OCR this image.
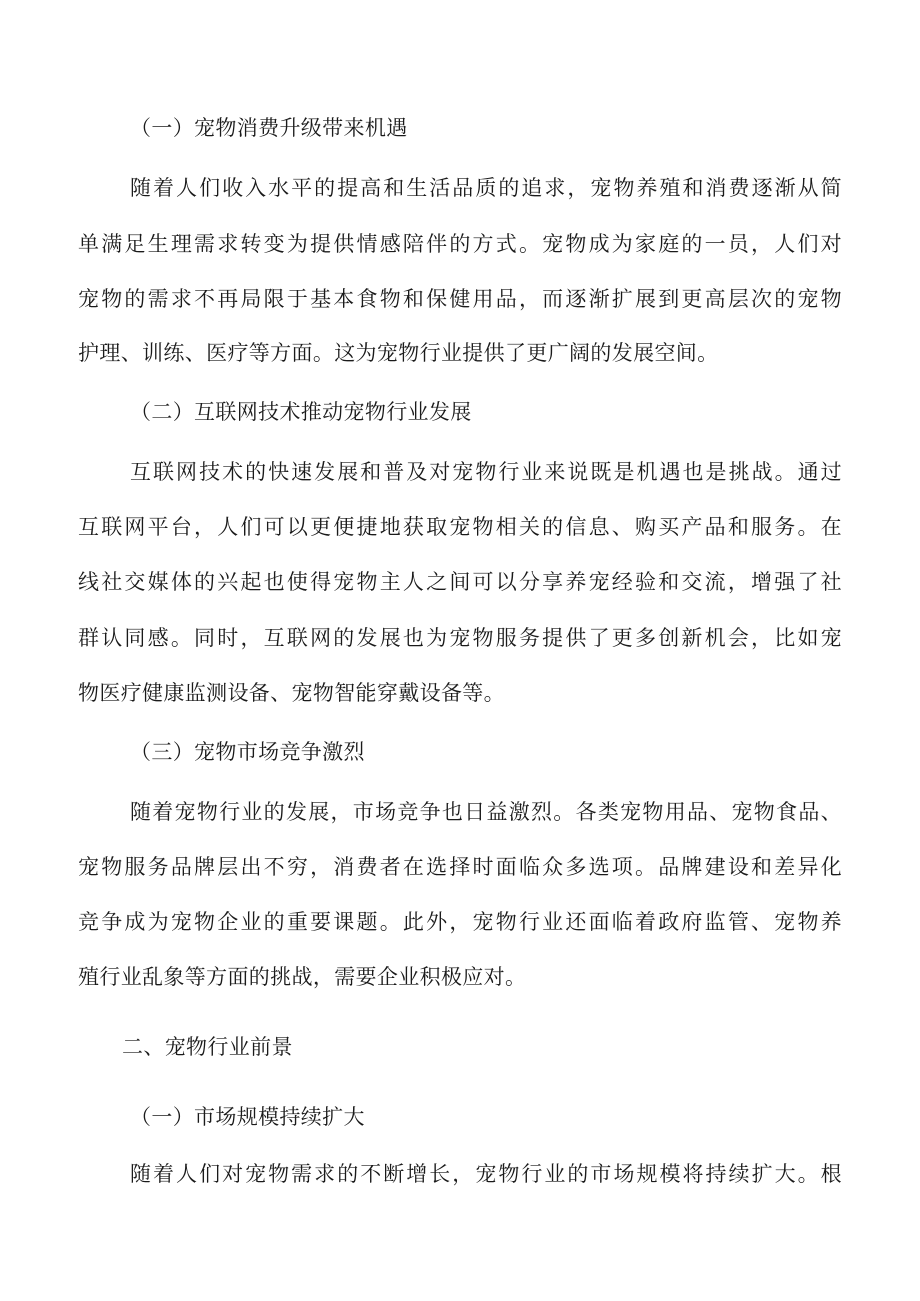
（一）宠物消费升级带来机遇
随着人们收入水平的提高和生活品质的追求，宠物养殖和消费逐渐从简
单满足生理需求转变为提供情感陪伴的方式。宠物成为家庭的一员，人们对
宠物的需求不再局限于基本食物和保健用品，而逐渐扩展到更高层次的宠物
护理、训练、医疗等方面。这为宠物行业提供了更广阔的发展空间。
（二）互联网技术推动宠物行业发展
互联网技术的快速发展和普及对宠物行业来说既是机遇也是挑战。通过
互联网平台，人们可以更便捷地获取宠物相关的信息、购买产品和服务。在
线社交媒体的兴起也使得宠物主人之间可以分享养宠经验和交流，增强了社
群认同感。同时，互联网的发展也为宠物服务提供了更多创新机会，比如宠
物医疗健康监测设备、宠物智能穿戴设备等。
（三）宠物市场竞争激烈
随着宠物行业的发展，市场竞争也日益激烈。各类宠物用品、宠物食品、
宠物服务品牌层出不穷，消费者在选择时面临众多选项。品牌建设和差异化
竞争成为宠物企业的重要课题。此外，宠物行业还面临着政府监管、宠物养
殖行业乱象等方面的挑战，需要企业积极应对。
二、宠物行业前景
（一）市场规模持续扩大
随着人们对宠物需求的不断增长，宠物行业的市场规模将持续扩大。根
